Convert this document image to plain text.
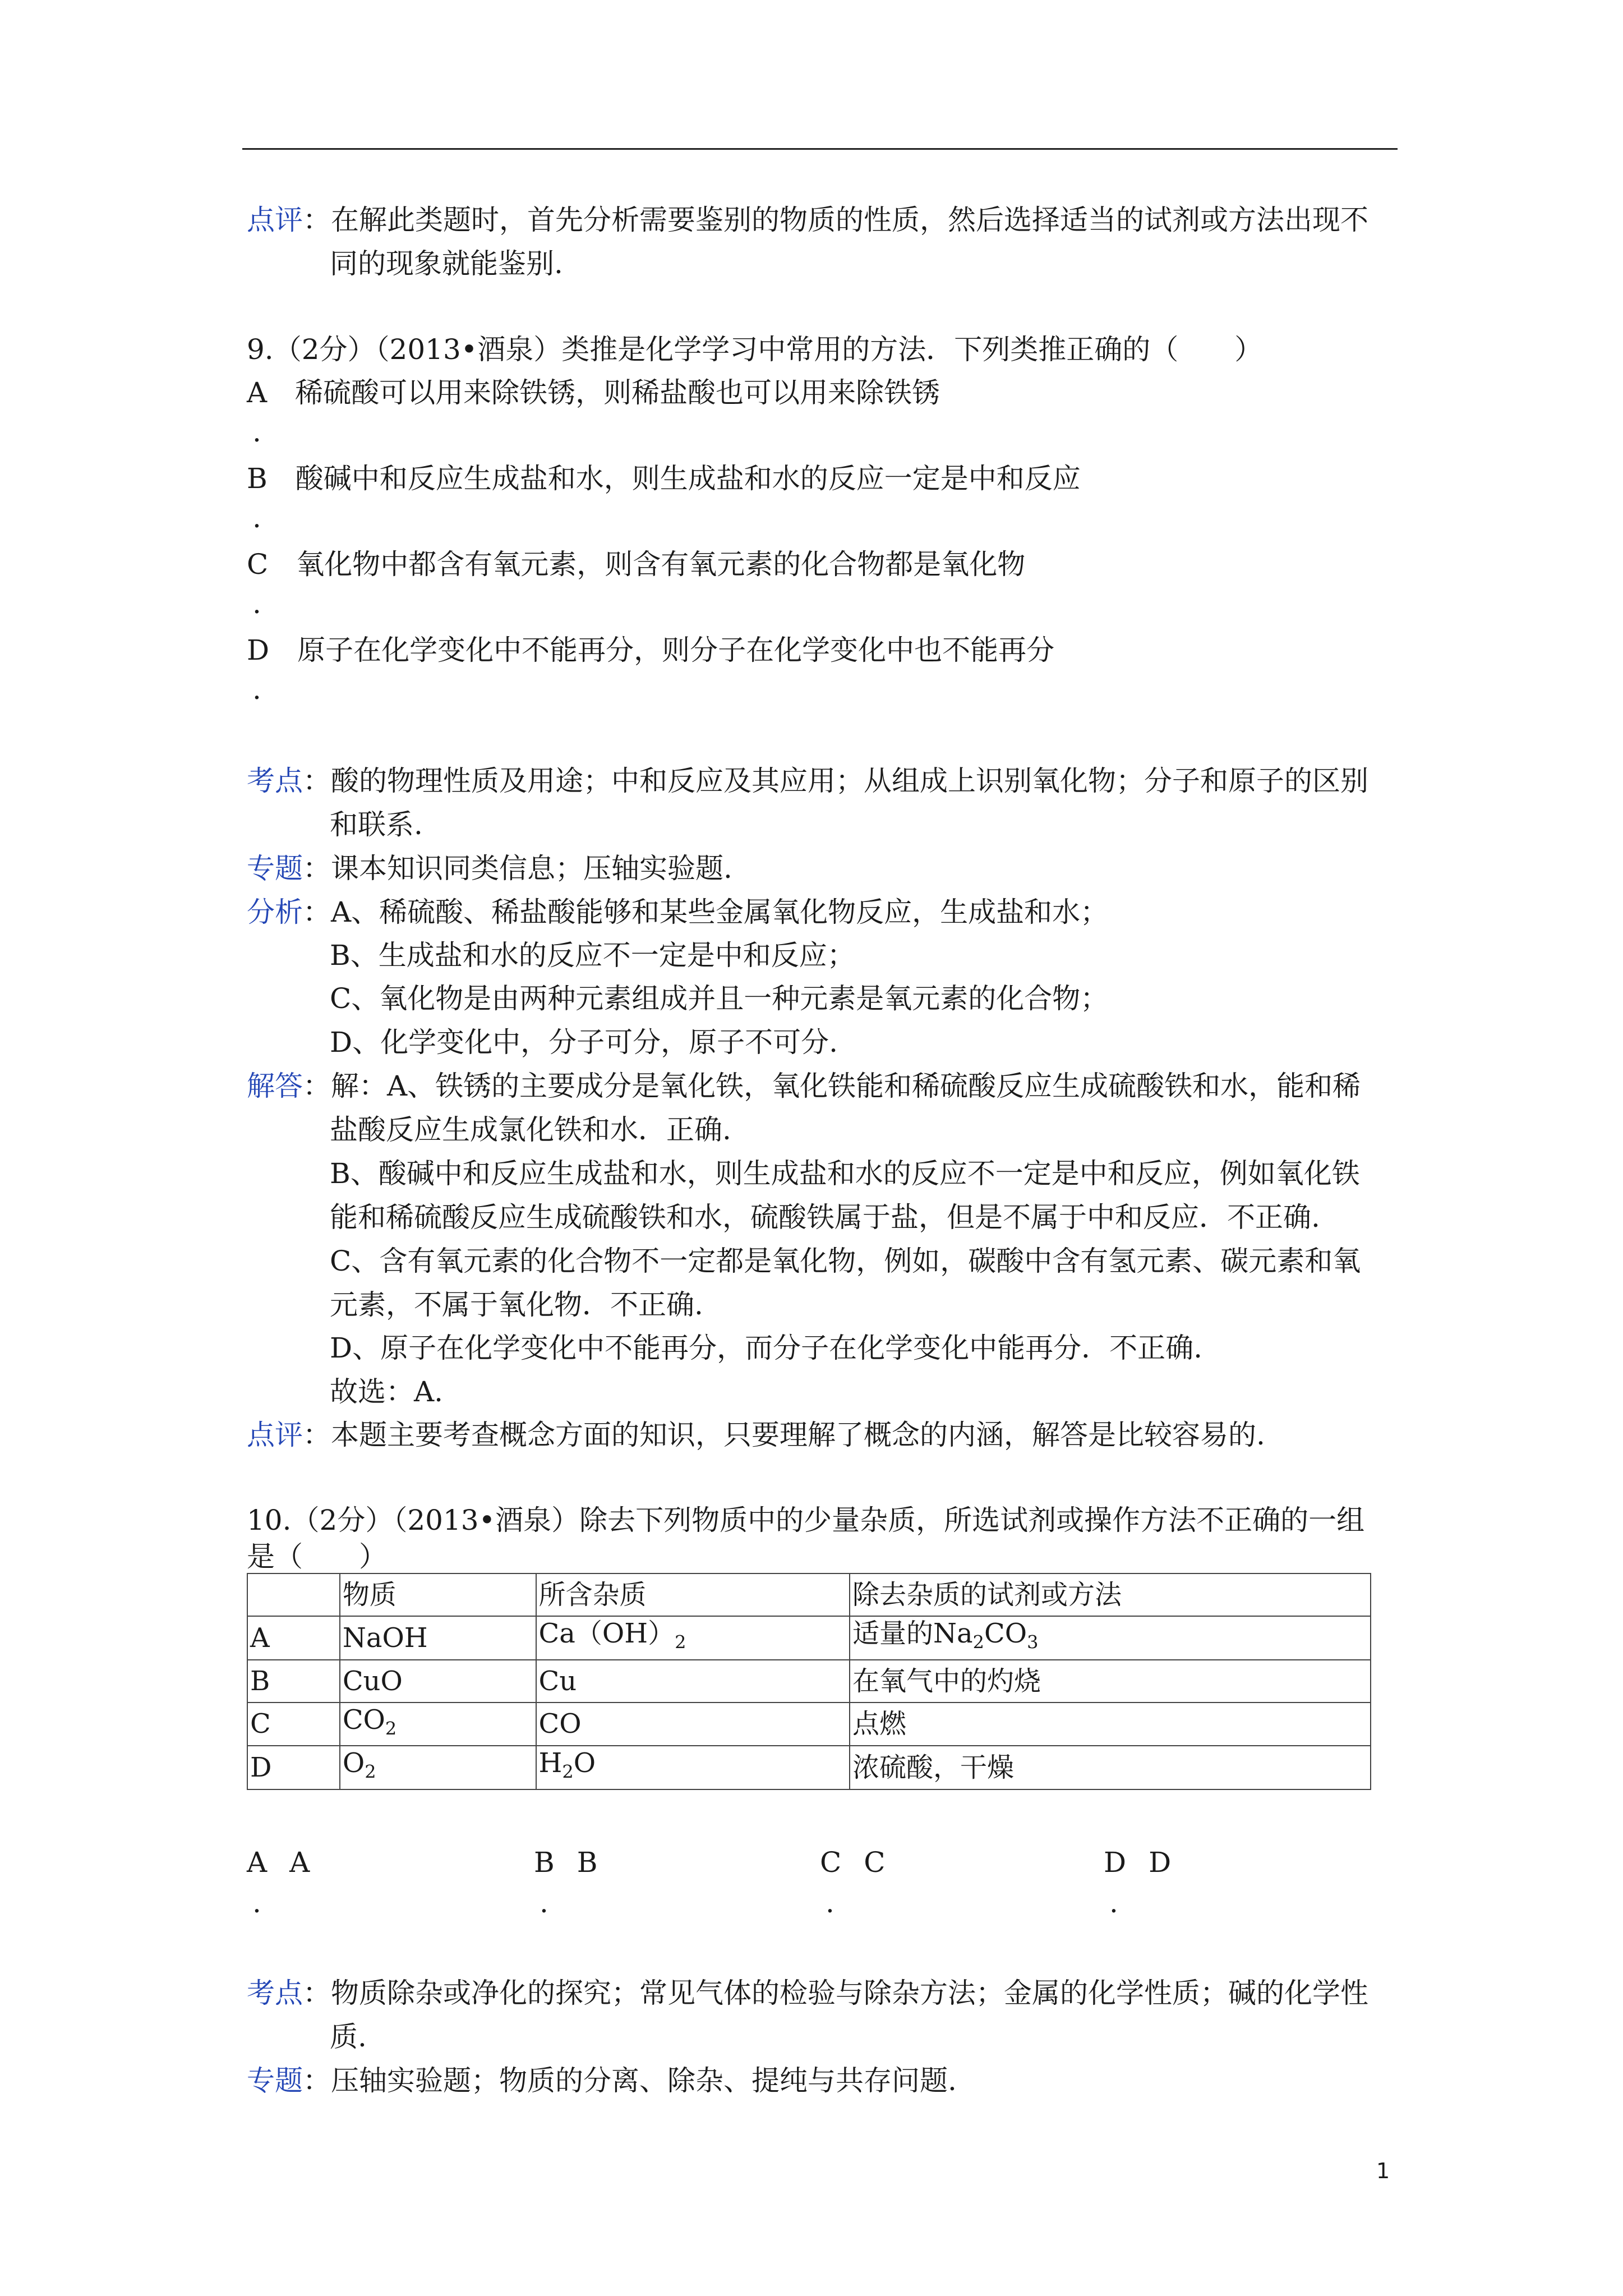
点评：在解此类题时，首先分析需要鉴别的物质的性质，然后选择适当的试剂或方法出现不
同的现象就能鉴别.
9.（2分）（2013•酒泉）类推是化学学习中常用的方法．下列类推正确的（　　）
A 稀硫酸可以用来除铁锈，则稀盐酸也可以用来除铁锈
.
B 酸碱中和反应生成盐和水，则生成盐和水的反应一定是中和反应
.
C 氧化物中都含有氧元素，则含有氧元素的化合物都是氧化物
.
D 原子在化学变化中不能再分，则分子在化学变化中也不能再分
.
考点：酸的物理性质及用途；中和反应及其应用；从组成上识别氧化物；分子和原子的区别
和联系.
专题：课本知识同类信息；压轴实验题.
分析：A、稀硫酸、稀盐酸能够和某些金属氧化物反应，生成盐和水；
B、生成盐和水的反应不一定是中和反应；
C、氧化物是由两种元素组成并且一种元素是氧元素的化合物；
D、化学变化中，分子可分，原子不可分.
解答：解：A、铁锈的主要成分是氧化铁，氧化铁能和稀硫酸反应生成硫酸铁和水，能和稀
盐酸反应生成氯化铁和水．正确.
B、酸碱中和反应生成盐和水，则生成盐和水的反应不一定是中和反应，例如氧化铁
能和稀硫酸反应生成硫酸铁和水，硫酸铁属于盐，但是不属于中和反应．不正确.
C、含有氧元素的化合物不一定都是氧化物，例如，碳酸中含有氢元素、碳元素和氧
元素，不属于氧化物．不正确.
D、原子在化学变化中不能再分，而分子在化学变化中能再分．不正确.
故选：A.
点评：本题主要考查概念方面的知识，只要理解了概念的内涵，解答是比较容易的.
10.（2分）（2013•酒泉）除去下列物质中的少量杂质，所选试剂或操作方法不正确的一组
是（　　）
	物质	所含杂质	除去杂质的试剂或方法
A	NaOH	$Ca(OH)_2$	适量的$Na_2CO_3$
B	CuO	Cu	在氧气中的灼烧
C	$CO_2$	CO	点燃
D	$O_2$	$H_2O$	浓硫酸，干燥
A A
.
B B
.
C C
.
D D
.
考点：物质除杂或净化的探究；常见气体的检验与除杂方法；金属的化学性质；碱的化学性
质.
专题：压轴实验题；物质的分离、除杂、提纯与共存问题.
1
